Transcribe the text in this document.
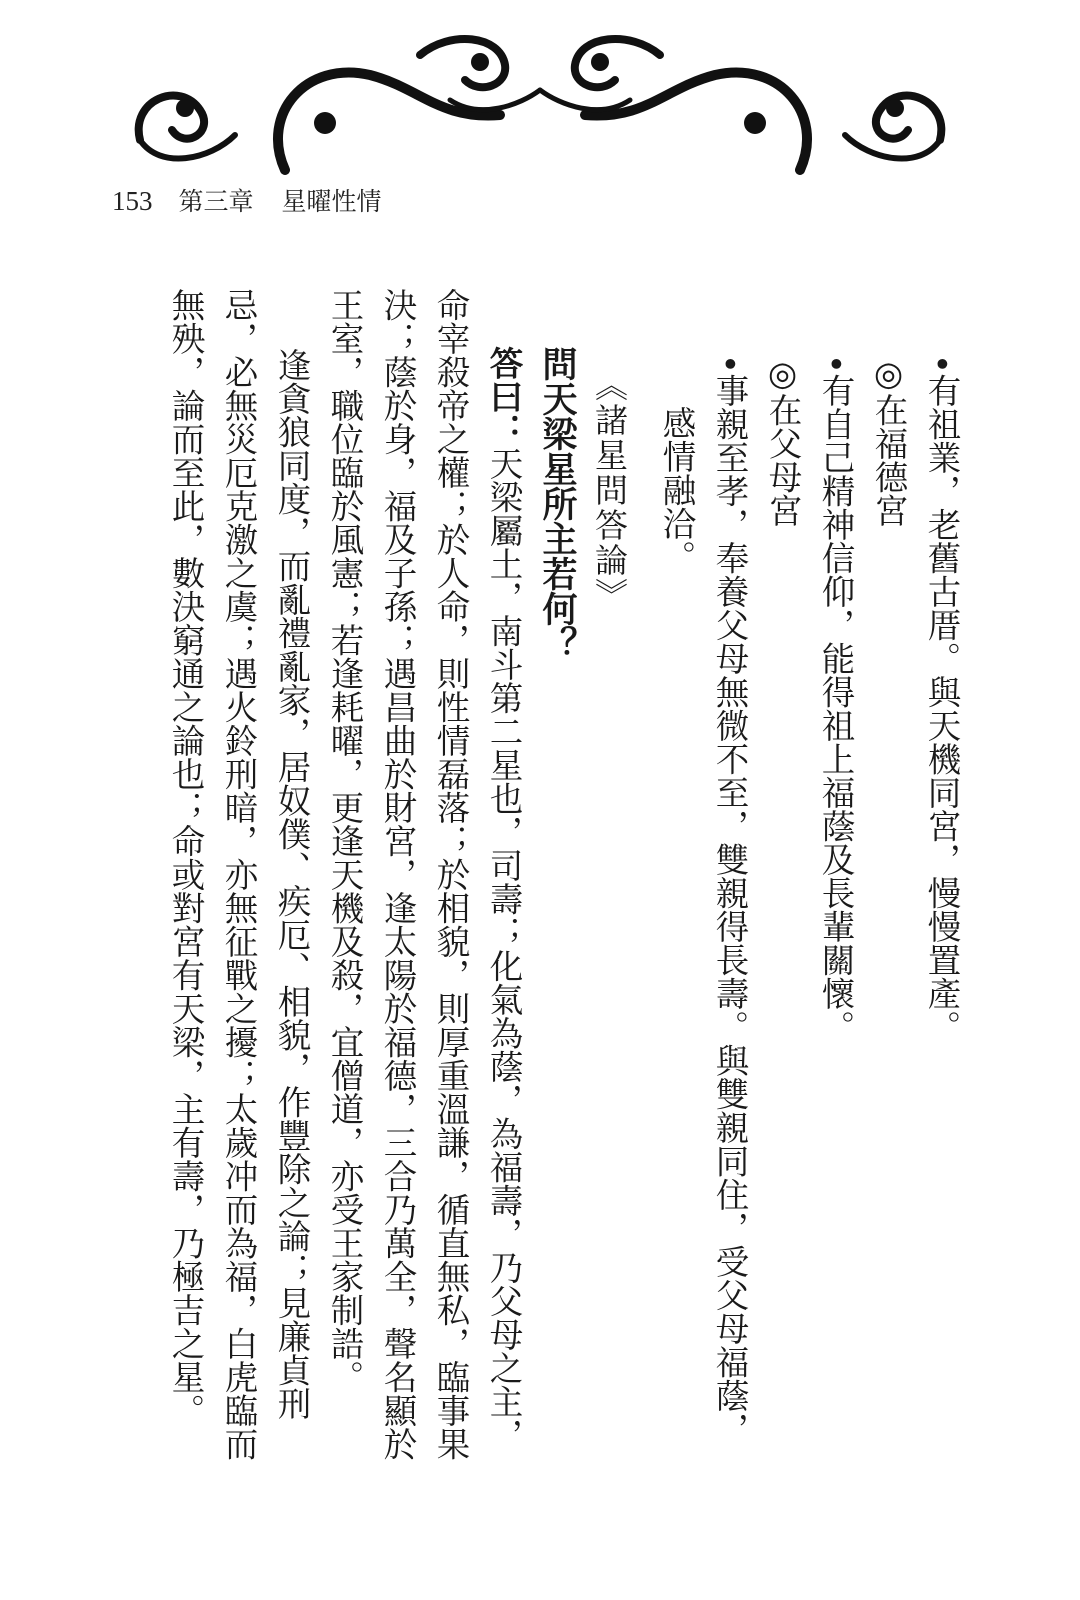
153 第三章 星曜性情

•有祖業，老舊古厝。與天機同宮，慢慢置產。

◎在福德宮

•有自己精神信仰，能得祖上福蔭及長輩關懷。

◎在父母宮

•事親至孝，奉養父母無微不至，雙親得長壽。與雙親同住，受父母福蔭，

感情融洽。

《諸星問答論》

問天梁星所主若何？

答曰：天梁屬土，南斗第二星也，司壽；化氣為蔭，為福壽，乃父母之主，

命宰殺帝之權；於人命，則性情磊落；於相貌，則厚重溫謙，循直無私，臨事果

決；蔭於身，福及子孫；遇昌曲於財宮，逢太陽於福德，三合乃萬全，聲名顯於

王室，職位臨於風憲；若逢耗曜，更逢天機及殺，宜僧道，亦受王家制誥。

逢貪狼同度，而亂禮亂家，居奴僕、疾厄、相貌，作豐除之論；見廉貞刑

忌，必無災厄克激之虞；遇火鈴刑暗，亦無征戰之擾；太歲冲而為福，白虎臨而

無殃，論而至此，數決窮通之論也；命或對宮有天梁，主有壽，乃極吉之星。
